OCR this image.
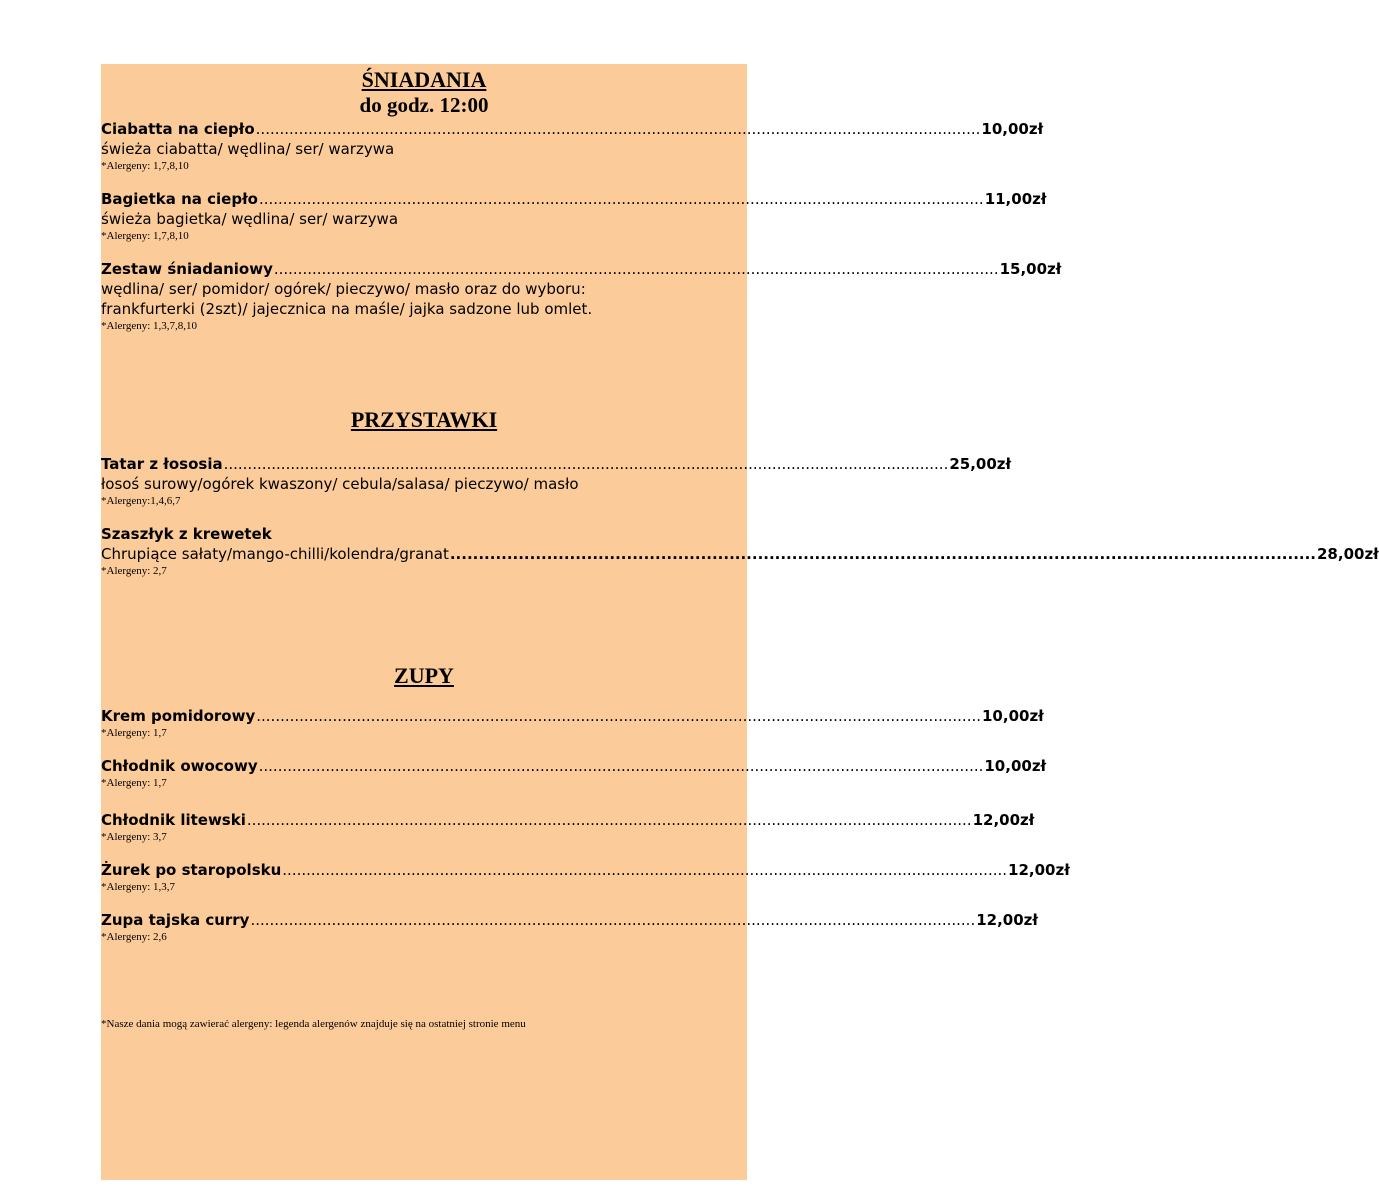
ŚNIADANIA
do godz. 12:00
Ciabatta na ciepło ........................................................................................................................................................ 10,00zł
świeża ciabatta/ wędlina/ ser/ warzywa
*Alergeny: 1,7,8,10
Bagietka na ciepło ........................................................................................................................................................ 11,00zł
świeża bagietka/ wędlina/ ser/ warzywa
*Alergeny: 1,7,8,10
Zestaw śniadaniowy ........................................................................................................................................................ 15,00zł
wędlina/ ser/ pomidor/ ogórek/ pieczywo/ masło oraz do wyboru:
frankfurterki (2szt)/ jajecznica na maśle/ jajka sadzone lub omlet.
*Alergeny: 1,3,7,8,10
PRZYSTAWKI
Tatar z łososia ........................................................................................................................................................ 25,00zł
łosoś surowy/ogórek kwaszony/ cebula/salasa/ pieczywo/ masło
*Alergeny:1,4,6,7
Szaszłyk z krewetek
Chrupiące sałaty/mango-chilli/kolendra/granat ........................................................................................................................................................ 28,00zł
*Alergeny: 2,7
ZUPY
Krem pomidorowy ........................................................................................................................................................ 10,00zł
*Alergeny: 1,7
Chłodnik owocowy ........................................................................................................................................................ 10,00zł
*Alergeny: 1,7
Chłodnik litewski ........................................................................................................................................................ 12,00zł
*Alergeny: 3,7
Żurek po staropolsku ........................................................................................................................................................ 12,00zł
*Alergeny: 1,3,7
Zupa tajska curry ........................................................................................................................................................ 12,00zł
*Alergeny: 2,6
*Nasze dania mogą zawierać alergeny: legenda alergenów znajduje się na ostatniej stronie menu
